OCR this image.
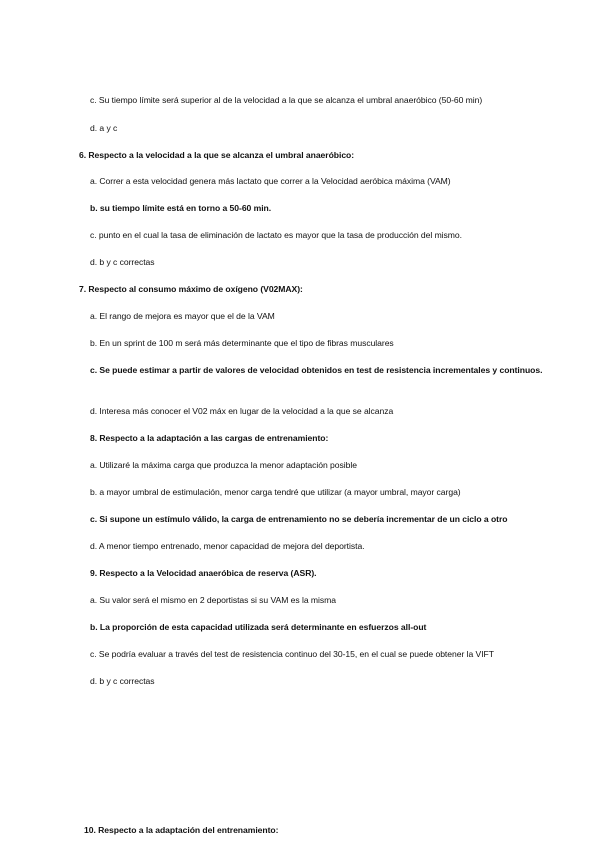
c. Su tiempo límite será superior al de la velocidad a la que se alcanza el umbral anaeróbico (50-60 min)
d. a y c
6. Respecto a la velocidad a la que se alcanza el umbral anaeróbico:
a. Correr a esta velocidad genera más lactato que correr a la Velocidad aeróbica máxima (VAM)
b. su tiempo límite está en torno a 50-60 min.
c. punto en el cual la tasa de eliminación de lactato es mayor que la tasa de producción del mismo.
d. b y c correctas
7. Respecto al consumo máximo de oxígeno (V02MAX):
a. El rango de mejora es mayor que el de la VAM
b. En un sprint de 100 m será más determinante que el tipo de fibras musculares
c. Se puede estimar a partir de valores de velocidad obtenidos en test de resistencia incrementales y continuos.
d. Interesa más conocer el V02 máx en lugar de la velocidad a la que se alcanza
8. Respecto a la adaptación a las cargas de entrenamiento:
a. Utilizaré la máxima carga que produzca la menor adaptación posible
b. a mayor umbral de estimulación, menor carga tendré que utilizar (a mayor umbral, mayor carga)
c. Si supone un estímulo válido, la carga de entrenamiento no se debería incrementar de un ciclo a otro
d. A menor tiempo entrenado, menor capacidad de mejora del deportista.
9. Respecto a la Velocidad anaeróbica de reserva (ASR).
a. Su valor será el mismo en 2 deportistas si su VAM es la misma
b. La proporción de esta capacidad utilizada será determinante en esfuerzos all-out
c. Se podría evaluar a través del test de resistencia continuo del 30-15, en el cual se puede obtener la VIFT
d. b y c correctas
10. Respecto a la adaptación del entrenamiento:
